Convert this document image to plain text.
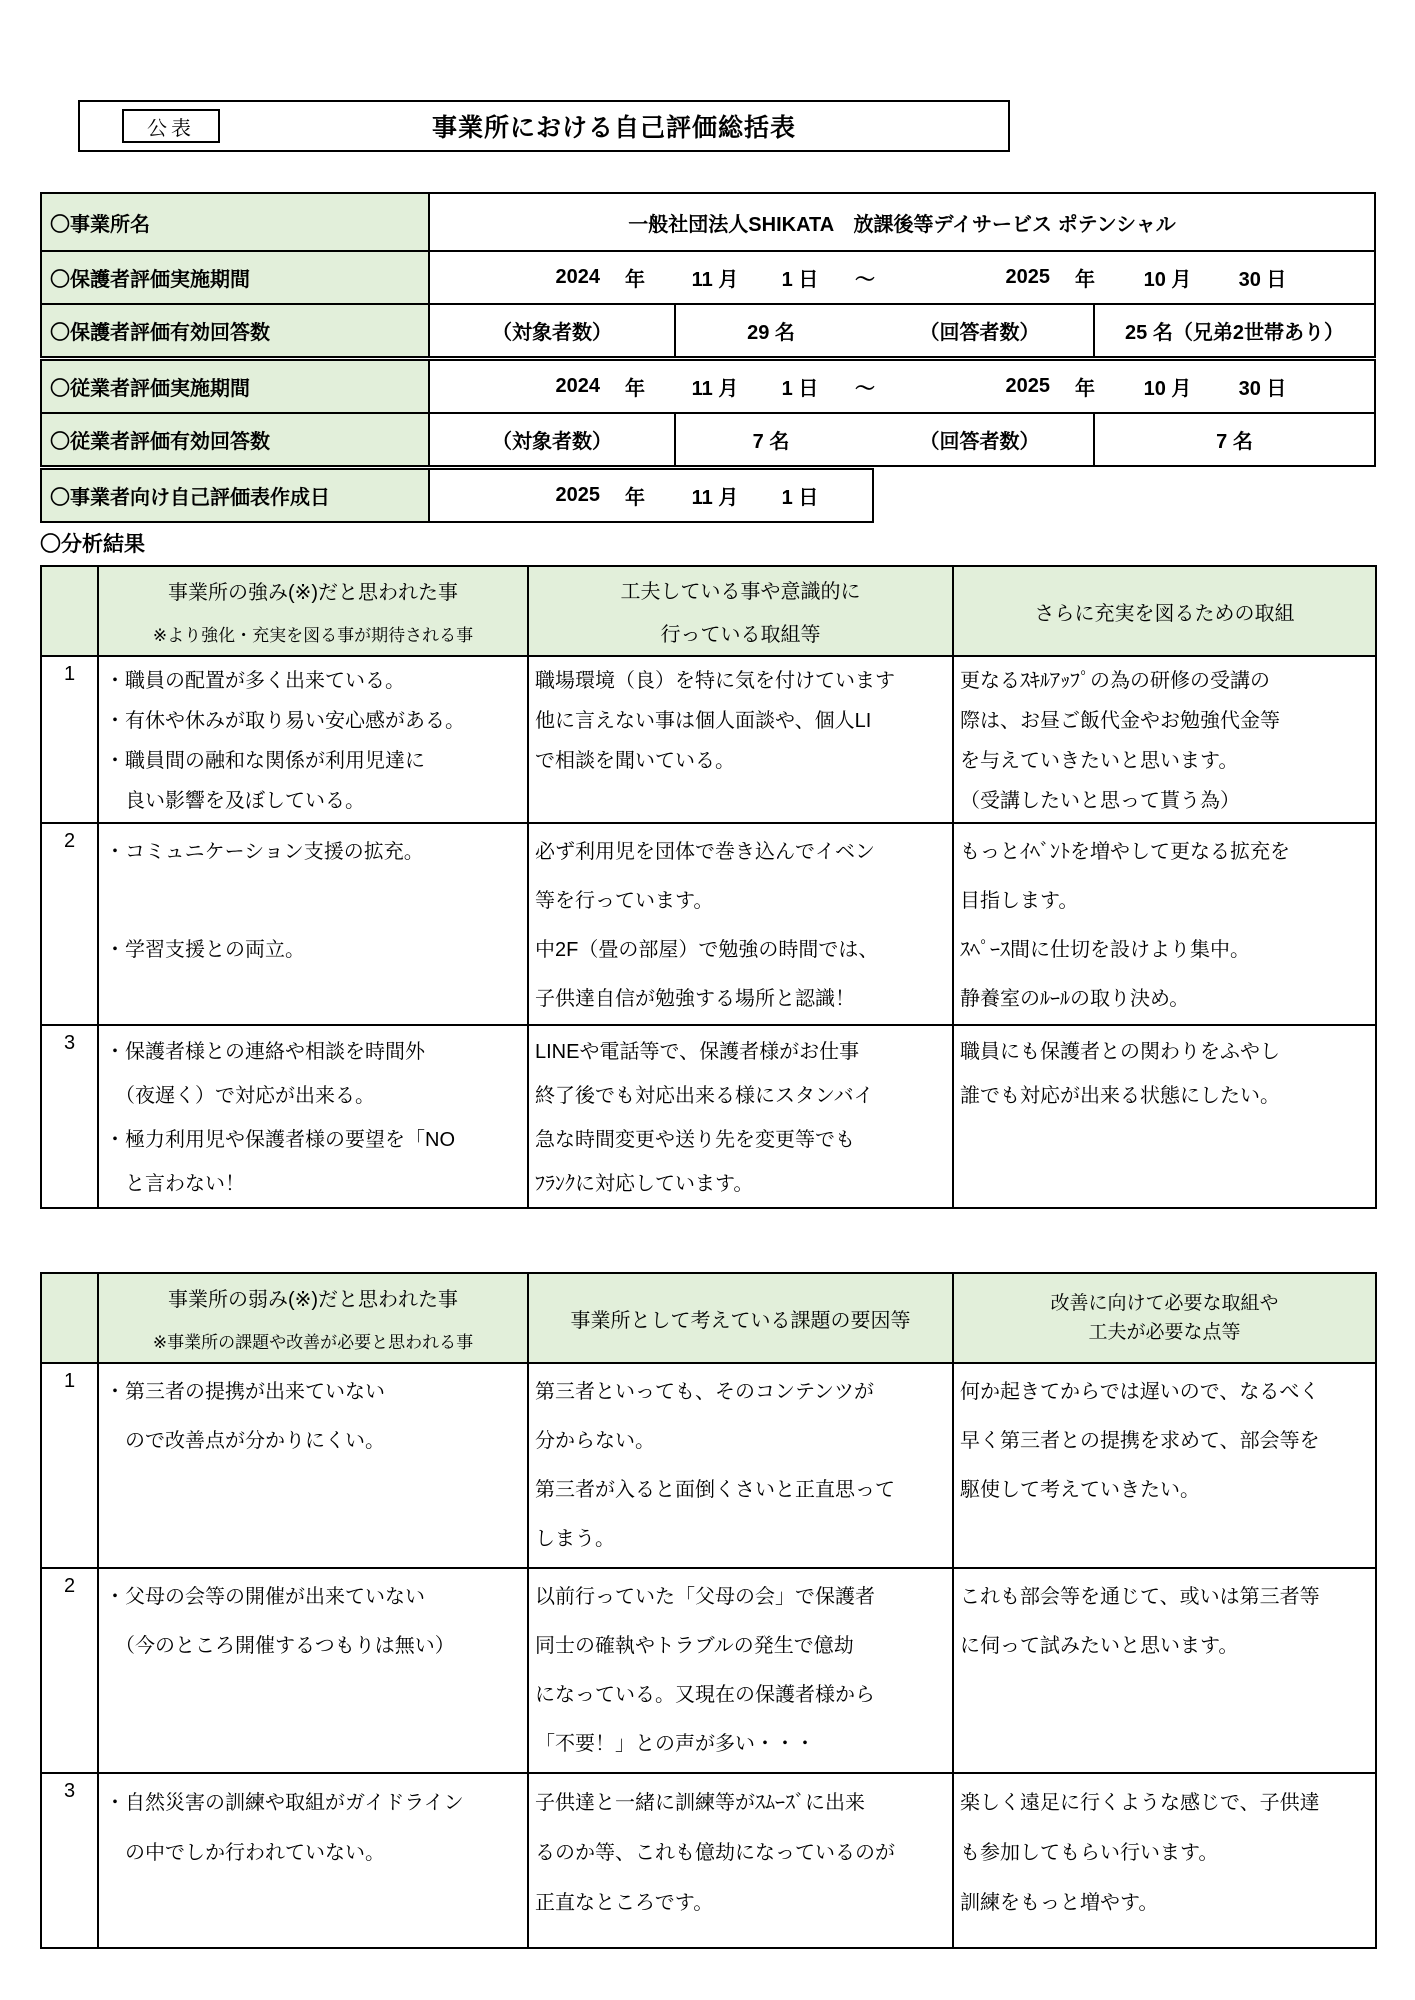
公表	事業所における自己評価総括表
〇事業所名	一般社団法人SHIKATA　放課後等デイサービス ポテンシャル
〇保護者評価実施期間	2024	年	11 月	1 日	～	2025	年	10 月	30 日
〇保護者評価有効回答数	（対象者数）	29 名	（回答者数）	25 名（兄弟2世帯あり）
〇従業者評価実施期間	2024	年	11 月	1 日	～	2025	年	10 月	30 日
〇従業者評価有効回答数	（対象者数）	7 名	（回答者数）	7 名
〇事業者向け自己評価表作成日	2025	年	11 月	1 日
〇分析結果

事業所の強み(※)だと思われた事
※より強化・充実を図る事が期待される事

工夫している事や意識的に
行っている取組等

さらに充実を図るための取組

1	・職員の配置が多く出来ている。
・有休や休みが取り易い安心感がある。
・職員間の融和な関係が利用児達に
　良い影響を及ぼしている。

職場環境（良）を特に気を付けています
他に言えない事は個人面談や、個人LI
で相談を聞いている。

更なるｽｷﾙｱｯﾌﾟの為の研修の受講の
際は、お昼ご飯代金やお勉強代金等
を与えていきたいと思います。
（受講したいと思って貰う為）

2	・コミュニケーション支援の拡充。
・学習支援との両立。

必ず利用児を団体で巻き込んでイベン
等を行っています。
中2F（畳の部屋）で勉強の時間では、
子供達自信が勉強する場所と認識！

もっとｲﾍﾞﾝﾄを増やして更なる拡充を
目指します。
ｽﾍﾟｰｽ間に仕切を設けより集中。
静養室のﾙｰﾙの取り決め。

3	・保護者様との連絡や相談を時間外
　（夜遅く）で対応が出来る。
・極力利用児や保護者様の要望を「NO
　と言わない！

LINEや電話等で、保護者様がお仕事
終了後でも対応出来る様にスタンバイ
急な時間変更や送り先を変更等でも
ﾌﾗﾝｸに対応しています。

職員にも保護者との関わりをふやし
誰でも対応が出来る状態にしたい。

事業所の弱み(※)だと思われた事
※事業所の課題や改善が必要と思われる事

事業所として考えている課題の要因等

改善に向けて必要な取組や
工夫が必要な点等

1	・第三者の提携が出来ていない
　ので改善点が分かりにくい。

第三者といっても、そのコンテンツが
分からない。
第三者が入ると面倒くさいと正直思って
しまう。

何か起きてからでは遅いので、なるべく
早く第三者との提携を求めて、部会等を
駆使して考えていきたい。

2	・父母の会等の開催が出来ていない
　（今のところ開催するつもりは無い）

以前行っていた「父母の会」で保護者
同士の確執やトラブルの発生で億劫
になっている。又現在の保護者様から
「不要！」との声が多い・・・

これも部会等を通じて、或いは第三者等
に伺って試みたいと思います。

3	
・自然災害の訓練や取組がガイドライン
　の中でしか行われていない。

子供達と一緒に訓練等がｽﾑｰｽﾞに出来
るのか等、これも億劫になっているのが
正直なところです。

楽しく遠足に行くような感じで、子供達
も参加してもらい行います。
訓練をもっと増やす。
